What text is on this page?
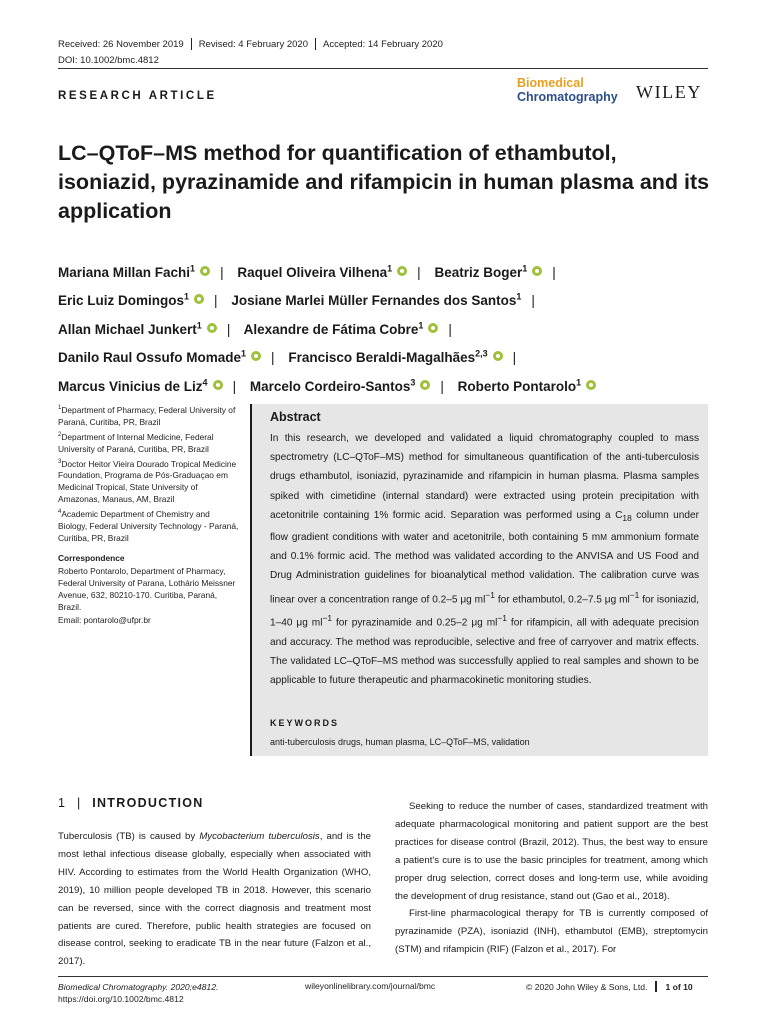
Received: 26 November 2019 Revised: 4 February 2020 Accepted: 14 February 2020
DOI: 10.1002/bmc.4812
RESEARCH ARTICLE
Biomedical
Chromatography WILEY
LC–QToF–MS method for quantification of ethambutol, isoniazid, pyrazinamide and rifampicin in human plasma and its application
Mariana Millan Fachi$^1$ | Raquel Oliveira Vilhena$^1$ | Beatriz Boger$^1$ |
Eric Luiz Domingos$^1$ | Josiane Marlei Müller Fernandes dos Santos$^1$ |
Allan Michael Junkert$^1$ | Alexandre de Fátima Cobre$^1$ |
Danilo Raul Ossufo Momade$^1$ | Francisco Beraldi-Magalhães$^{2,3}$ |
Marcus Vinicius de Liz$^4$ | Marcelo Cordeiro-Santos$^3$ | Roberto Pontarolo$^1$

$^1$Department of Pharmacy, Federal University of Paraná, Curitiba, PR, Brazil

$^2$Department of Internal Medicine, Federal University of Paraná, Curitiba, PR, Brazil

$^3$Doctor Heitor Vieira Dourado Tropical Medicine Foundation, Programa de Pós-Graduaçao em Medicinal Tropical, State University of Amazonas, Manaus, AM, Brazil

$^4$Academic Department of Chemistry and Biology, Federal University Technology - Paraná, Curitiba, PR, Brazil

Correspondence

Roberto Pontarolo, Department of Pharmacy, Federal University of Parana, Lothário Meissner Avenue, 632, 80210-170. Curitiba, Paraná, Brazil.

Email: pontarolo@ufpr.br

Abstract
In this research, we developed and validated a liquid chromatography coupled to mass spectrometry (LC–QToF–MS) method for simultaneous quantification of the anti-tuberculosis drugs ethambutol, isoniazid, pyrazinamide and rifampicin in human plasma. Plasma samples spiked with cimetidine (internal standard) were extracted using protein precipitation with acetonitrile containing 1% formic acid. Separation was performed using a $C_{18}$ column under flow gradient conditions with water and acetonitrile, both containing 5 mM ammonium formate and 0.1% formic acid. The method was validated according to the ANVISA and US Food and Drug Administration guidelines for bioanalytical method validation. The calibration curve was linear over a concentration range of 0.2–5 μg $ml^{-1}$ for ethambutol, 0.2–7.5 μg $ml^{-1}$ for isoniazid, 1–40 μg $ml^{-1}$ for pyrazinamide and 0.25–2 μg $ml^{-1}$ for rifampicin, all with adequate precision and accuracy. The method was reproducible, selective and free of carryover and matrix effects. The validated LC–QToF–MS method was successfully applied to real samples and shown to be applicable to future therapeutic and pharmacokinetic monitoring studies.
KEYWORDS
anti-tuberculosis drugs, human plasma, LC–QToF–MS, validation
1 | INTRODUCTION

Tuberculosis (TB) is caused by Mycobacterium tuberculosis, and is the most lethal infectious disease globally, especially when associated with HIV. According to estimates from the World Health Organization (WHO, 2019), 10 million people developed TB in 2018. However, this scenario can be reversed, since with the correct diagnosis and treatment most patients are cured. Therefore, public health strategies are focused on disease control, seeking to eradicate TB in the near future (Falzon et al., 2017).

Seeking to reduce the number of cases, standardized treatment with adequate pharmacological monitoring and patient support are the best practices for disease control (Brazil, 2012). Thus, the best way to ensure a patient's cure is to use the basic principles for treatment, among which proper drug selection, correct doses and long-term use, while avoiding the development of drug resistance, stand out (Gao et al., 2018).

First-line pharmacological therapy for TB is currently composed of pyrazinamide (PZA), isoniazid (INH), ethambutol (EMB), streptomycin (STM) and rifampicin (RIF) (Falzon et al., 2017). For

Biomedical Chromatography. 2020;e4812.
https://doi.org/10.1002/bmc.4812
wileyonlinelibrary.com/journal/bmc	© 2020 John Wiley & Sons, Ltd. 1 of 10
